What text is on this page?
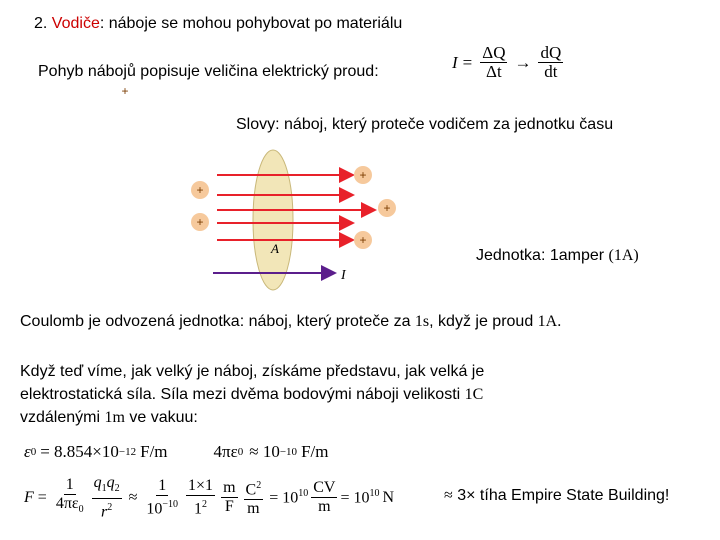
2. Vodiče: náboje se mohou pohybovat po materiálu
Pohyb nábojů popisuje veličina elektrický proud:	$I = \frac{\Delta Q}{\Delta t} \to \frac{dQ}{dt}$
Slovy: náboj, který proteče vodičem za jednotku času
+
+
+
+
+
+
A
I
Jednotka: 1amper (1A)
Coulomb je odvozená jednotka: náboj, který proteče za 1s, když je proud 1A.
Když teď víme, jak velký je náboj, získáme představu, jak velká je
elektrostatická síla. Síla mezi dvěma bodovými náboji velikosti 1C
vzdálenými 1m ve vakuu:
ε 0 = 8.854×10 −12 F/m	4πε 0 ≈ 10 −10 F/m
$F = \frac{1}{4\pi\varepsilon_0} \frac{q_1q_2}{r^2} \approx \frac{1}{10^{-10}} \frac{1\times 1}{1^2} \frac{m}{F} \frac{C^2}{m} = 10^{10} \frac{CV}{m} = 10^{10}$ N	≈ 3× tíha Empire State Building!
